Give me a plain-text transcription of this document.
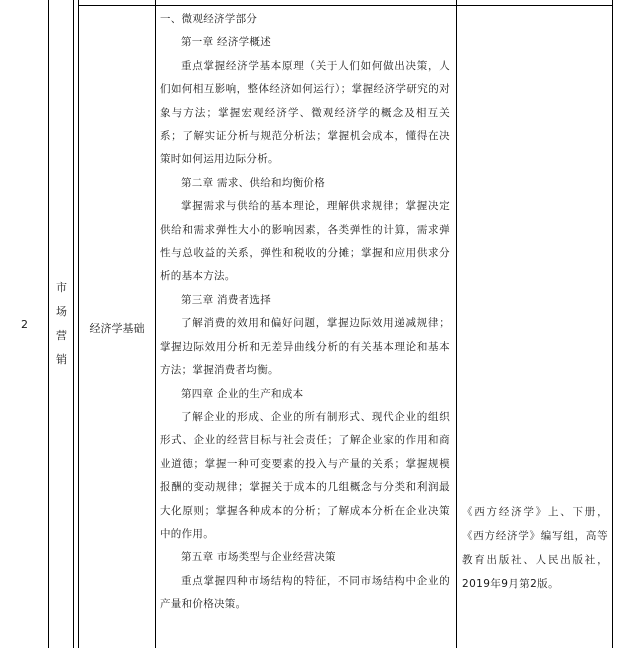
2
市
场
营
销
经济学基础

一、微观经济学部分

第一章 经济学概述

重点掌握经济学基本原理（关于人们如何做出决策，人们如何相互影响，整体经济如何运行）；掌握经济学研究的对象与方法；掌握宏观经济学、微观经济学的概念及相互关系；了解实证分析与规范分析法；掌握机会成本，懂得在决策时如何运用边际分析。

第二章 需求、供给和均衡价格

掌握需求与供给的基本理论，理解供求规律；掌握决定供给和需求弹性大小的影响因素，各类弹性的计算，需求弹性与总收益的关系，弹性和税收的分摊；掌握和应用供求分析的基本方法。

第三章 消费者选择

了解消费的效用和偏好问题，掌握边际效用递减规律；掌握边际效用分析和无差异曲线分析的有关基本理论和基本方法；掌握消费者均衡。

第四章 企业的生产和成本

了解企业的形成、企业的所有制形式、现代企业的组织形式、企业的经营目标与社会责任；了解企业家的作用和商业道德；掌握一种可变要素的投入与产量的关系；掌握规模报酬的变动规律；掌握关于成本的几组概念与分类和利润最大化原则；掌握各种成本的分析；了解成本分析在企业决策中的作用。

第五章 市场类型与企业经营决策

重点掌握四种市场结构的特征，不同市场结构中企业的产量和价格决策。

《西方经济学》上、下册，《西方经济学》编写组，高等教育出版社、人民出版社，2019年9月第2版。
